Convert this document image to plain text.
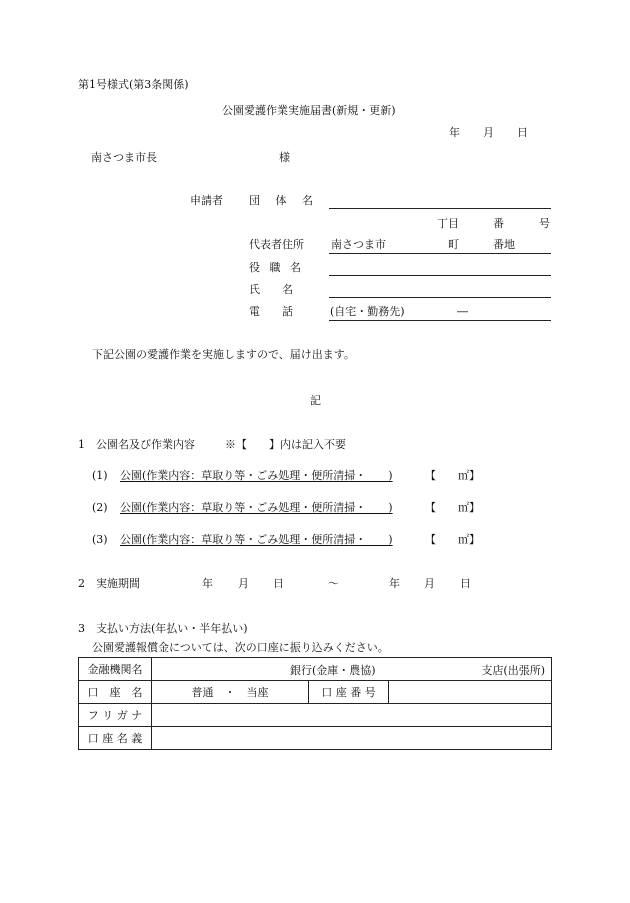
第1号様式(第3条関係)
公園愛護作業実施届書(新規・更新)
年 月 日
南さつま市長	様
申請者 団 体 名
丁目	番	号
代表者住所 南さつま市	町	番地
役 職 名
氏　　名
電　　話	(自宅・勤務先)	―
下記公園の愛護作業を実施しますので、届け出ます。
記
1　公園名及び作業内容	※【　　】内は記入不要
(1) 公園(作業内容：草取り等・ごみ処理・便所清掃・　　)	【　　㎡】
(2) 公園(作業内容：草取り等・ごみ処理・便所清掃・　　)	【　　㎡】
(3) 公園(作業内容：草取り等・ごみ処理・便所清掃・　　)	【　　㎡】
2　実施期間	年 月 日	～	年 月 日
3　支払い方法(年払い・半年払い)
公園愛護報償金については、次の口座に振り込みください。
金融機関名	銀行(金庫・農協) 支店(出張所)		

口　座　名	普通　・　当座	口 座 番 号	
フ リ ガ ナ			
口 座 名 義			
